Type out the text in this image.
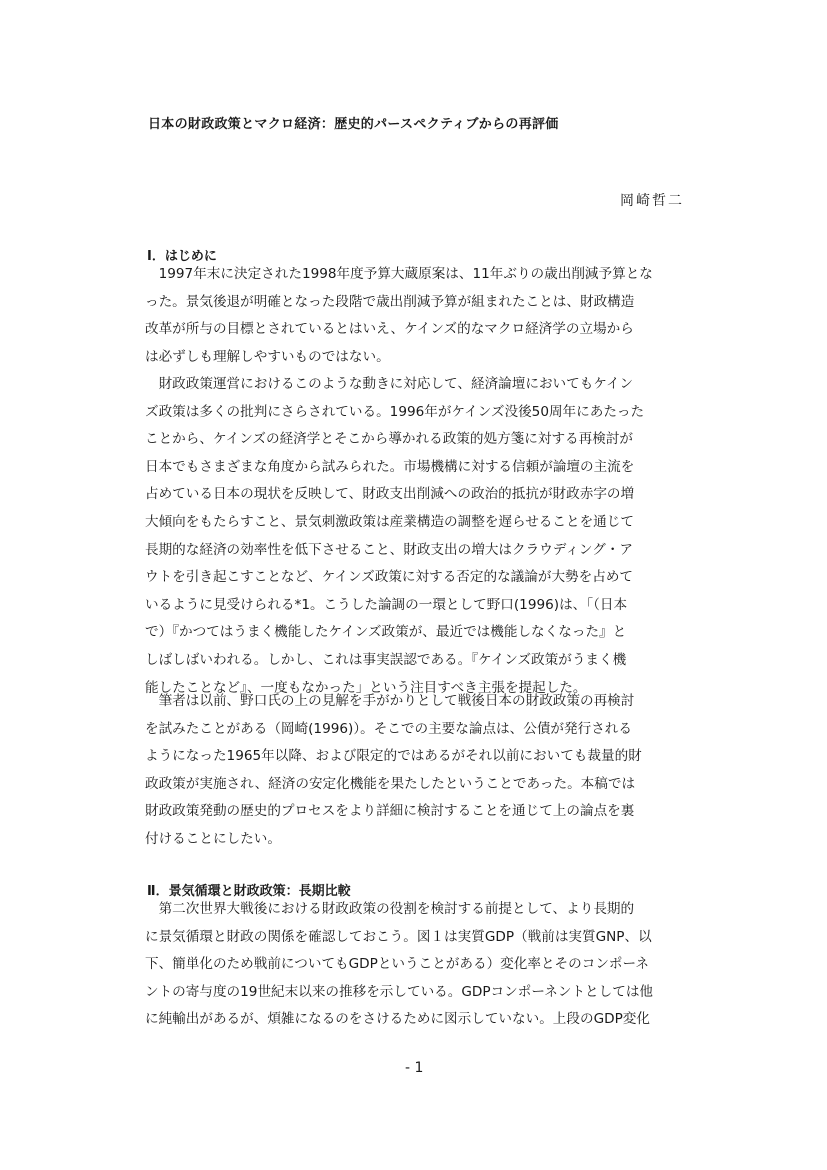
日本の財政政策とマクロ経済：歴史的パースペクティブからの再評価
岡崎哲二
Ⅰ．はじめに
　1997年末に決定された1998年度予算大蔵原案は、11年ぶりの歳出削減予算とな
った。景気後退が明確となった段階で歳出削減予算が組まれたことは、財政構造
改革が所与の目標とされているとはいえ、ケインズ的なマクロ経済学の立場から
は必ずしも理解しやすいものではない。
　財政政策運営におけるこのような動きに対応して、経済論壇においてもケイン
ズ政策は多くの批判にさらされている。1996年がケインズ没後50周年にあたった
ことから、ケインズの経済学とそこから導かれる政策的処方箋に対する再検討が
日本でもさまざまな角度から試みられた。市場機構に対する信頼が論壇の主流を
占めている日本の現状を反映して、財政支出削減への政治的抵抗が財政赤字の増
大傾向をもたらすこと、景気刺激政策は産業構造の調整を遅らせることを通じて
長期的な経済の効率性を低下させること、財政支出の増大はクラウディング・ア
ウトを引き起こすことなど、ケインズ政策に対する否定的な議論が大勢を占めて
いるように見受けられる*1。こうした論調の一環として野口(1996)は、「（日本
で）『かつてはうまく機能したケインズ政策が、最近では機能しなくなった』と
しばしばいわれる。しかし、これは事実誤認である。『ケインズ政策がうまく機
能したことなど』、一度もなかった」という注目すべき主張を提起した。
　筆者は以前、野口氏の上の見解を手がかりとして戦後日本の財政政策の再検討
を試みたことがある（岡崎(1996)）。そこでの主要な論点は、公債が発行される
ようになった1965年以降、および限定的ではあるがそれ以前においても裁量的財
政政策が実施され、経済の安定化機能を果たしたということであった。本稿では
財政政策発動の歴史的プロセスをより詳細に検討することを通じて上の論点を裏
付けることにしたい。
Ⅱ．景気循環と財政政策：長期比較
　第二次世界大戦後における財政政策の役割を検討する前提として、より長期的
に景気循環と財政の関係を確認しておこう。図１は実質GDP（戦前は実質GNP、以
下、簡単化のため戦前についてもGDPということがある）変化率とそのコンポーネ
ントの寄与度の19世紀末以来の推移を示している。GDPコンポーネントとしては他
に純輸出があるが、煩雑になるのをさけるために図示していない。上段のGDP変化
- 1
